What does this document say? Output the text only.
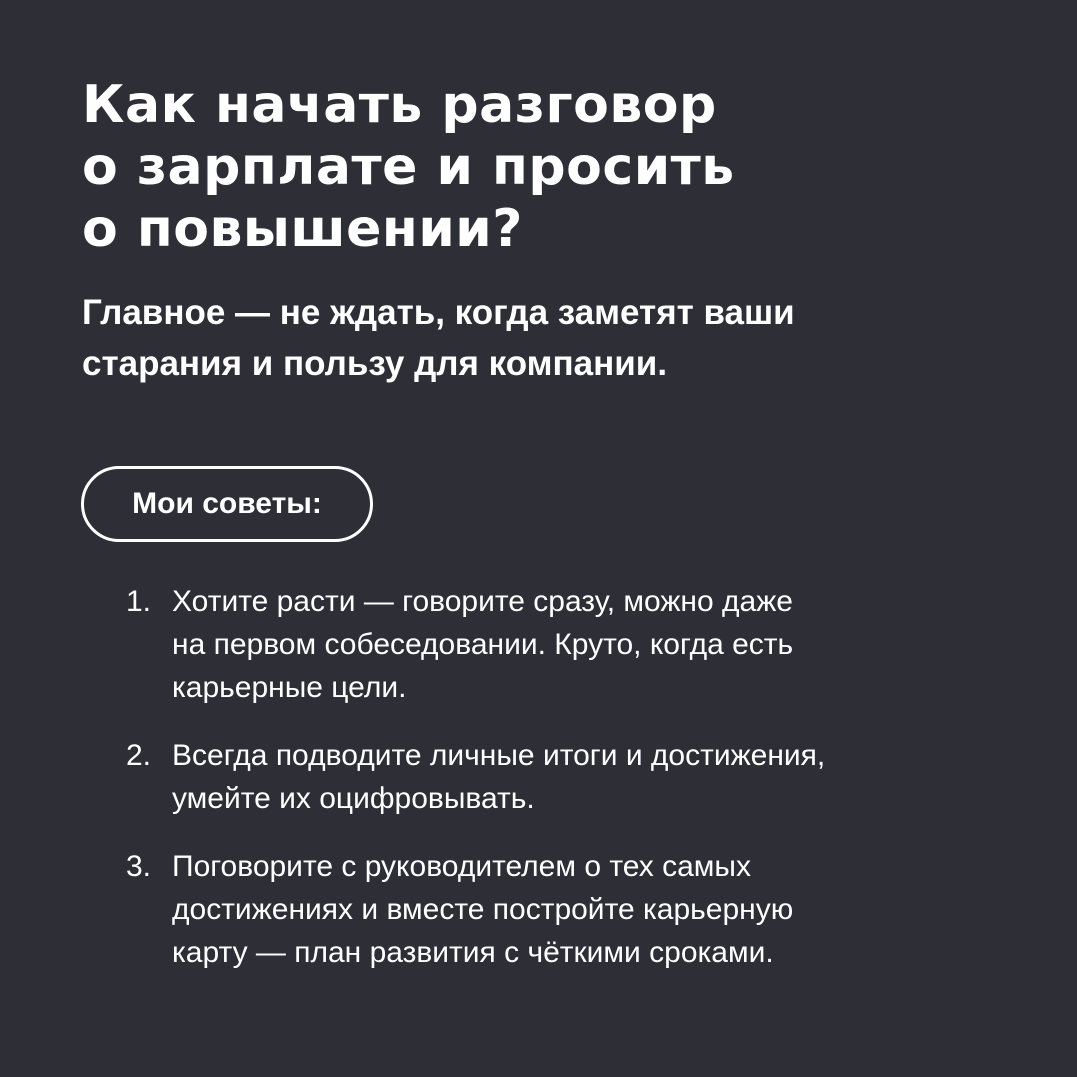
Как начать разговор
о зарплате и просить
о повышении?

Главное — не ждать, когда заметят ваши
старания и пользу для компании.

Мои советы:
1. Хотите расти — говорите сразу, можно даже
на первом собеседовании. Круто, когда есть
карьерные цели.
2. Всегда подводите личные итоги и достижения,
умейте их оцифровывать.
3. Поговорите с руководителем о тех самых
достижениях и вместе постройте карьерную
карту — план развития с чёткими сроками.
